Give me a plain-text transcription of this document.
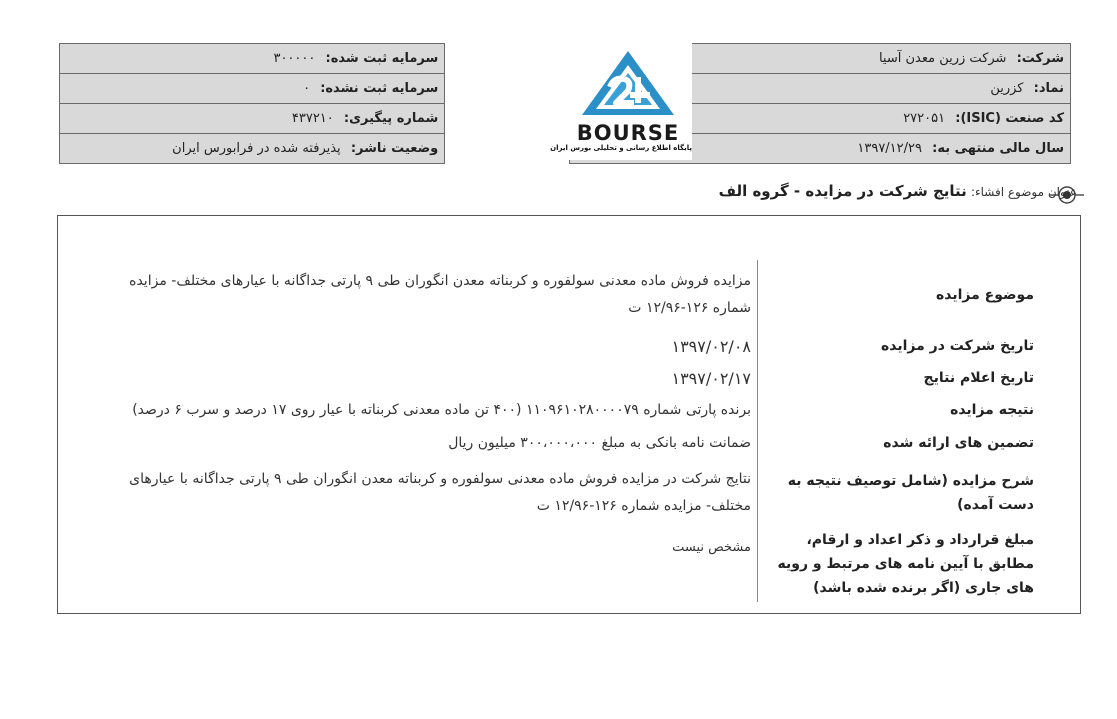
شرکت: شرکت زرین معدن آسیا		سرمایه ثبت شده: ۳۰۰۰۰۰
نماد: کزرین		سرمایه ثبت نشده: ۰
کد صنعت (ISIC): ۲۷۲۰۵۱		شماره پیگیری: ۴۳۷۲۱۰
سال مالی منتهی به: ۱۳۹۷/۱۲/۲۹		وضعیت ناشر: پذیرفته شده در فرابورس ایران
BOURSE
پایگاه اطلاع رسانی و تحلیلی بورس ایران
عنوان موضوع افشاء: نتایج شرکت در مزایده - گروه الف
موضوع مزایده	مزایده فروش ماده معدنی سولفوره و کربناته معدن انگوران طی ۹ پارتی جداگانه با عیارهای مختلف- مزایده شماره ۱۲۶-۱۲/۹۶ ت
تاریخ شرکت در مزایده	۱۳۹۷/۰۲/۰۸
تاریخ اعلام نتایج	۱۳۹۷/۰۲/۱۷
نتیجه مزایده	برنده پارتی شماره ۱۱۰۹۶۱۰۲۸۰۰۰۰۷۹ (۴۰۰ تن ماده معدنی کربناته با عیار روی ۱۷ درصد و سرب ۶ درصد)
تضمین های ارائه شده	ضمانت نامه بانکی به مبلغ ۳۰۰،۰۰۰،۰۰۰ میلیون ریال
شرح مزایده (شامل توصیف نتیجه به دست آمده)	نتایج شرکت در مزایده فروش ماده معدنی سولفوره و کربناته معدن انگوران طی ۹ پارتی جداگانه با عیارهای مختلف- مزایده شماره ۱۲۶-۱۲/۹۶ ت
مبلغ قرارداد و ذکر اعداد و ارقام، مطابق با آیین نامه های مرتبط و رویه های جاری (اگر برنده شده باشد)	مشخص نیست
